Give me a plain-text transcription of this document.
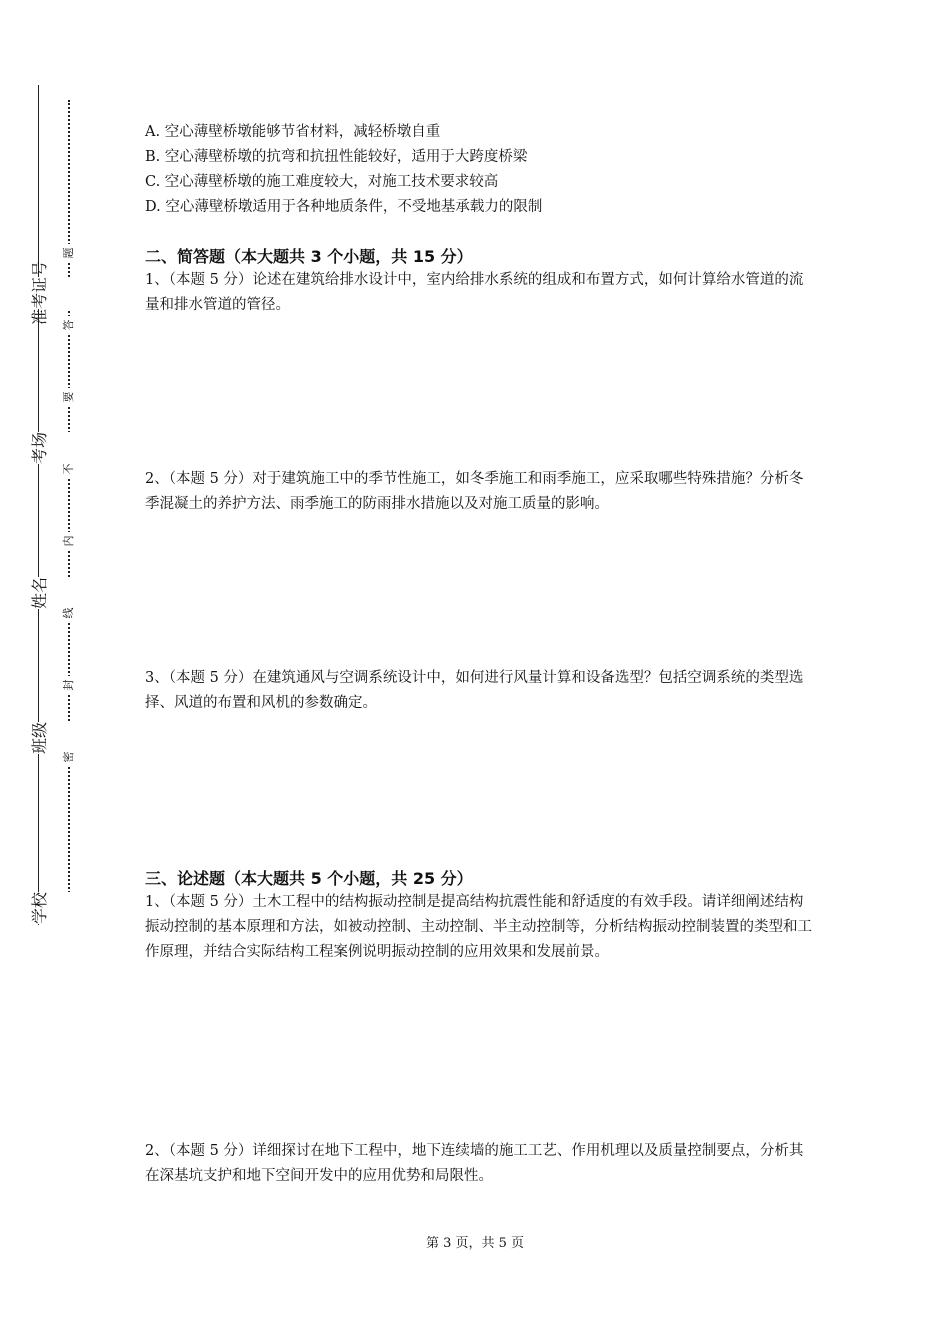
准考证号
考场
姓名
班级
学校
题
答
要
不
内
线
封
密

A. 空心薄壁桥墩能够节省材料，减轻桥墩自重

B. 空心薄壁桥墩的抗弯和抗扭性能较好，适用于大跨度桥梁

C. 空心薄壁桥墩的施工难度较大，对施工技术要求较高

D. 空心薄壁桥墩适用于各种地质条件，不受地基承载力的限制

二、简答题（本大题共 3 个小题，共 15 分）
1、（本题 5 分）论述在建筑给排水设计中，室内给排水系统的组成和布置方式，如何计算给水管道的流量和排水管道的管径。
2、（本题 5 分）对于建筑施工中的季节性施工，如冬季施工和雨季施工，应采取哪些特殊措施？分析冬季混凝土的养护方法、雨季施工的防雨排水措施以及对施工质量的影响。
3、（本题 5 分）在建筑通风与空调系统设计中，如何进行风量计算和设备选型？包括空调系统的类型选择、风道的布置和风机的参数确定。
三、论述题（本大题共 5 个小题，共 25 分）
1、（本题 5 分）土木工程中的结构振动控制是提高结构抗震性能和舒适度的有效手段。请详细阐述结构振动控制的基本原理和方法，如被动控制、主动控制、半主动控制等，分析结构振动控制装置的类型和工作原理，并结合实际结构工程案例说明振动控制的应用效果和发展前景。
2、（本题 5 分）详细探讨在地下工程中，地下连续墙的施工工艺、作用机理以及质量控制要点，分析其在深基坑支护和地下空间开发中的应用优势和局限性。
第 3 页，共 5 页
